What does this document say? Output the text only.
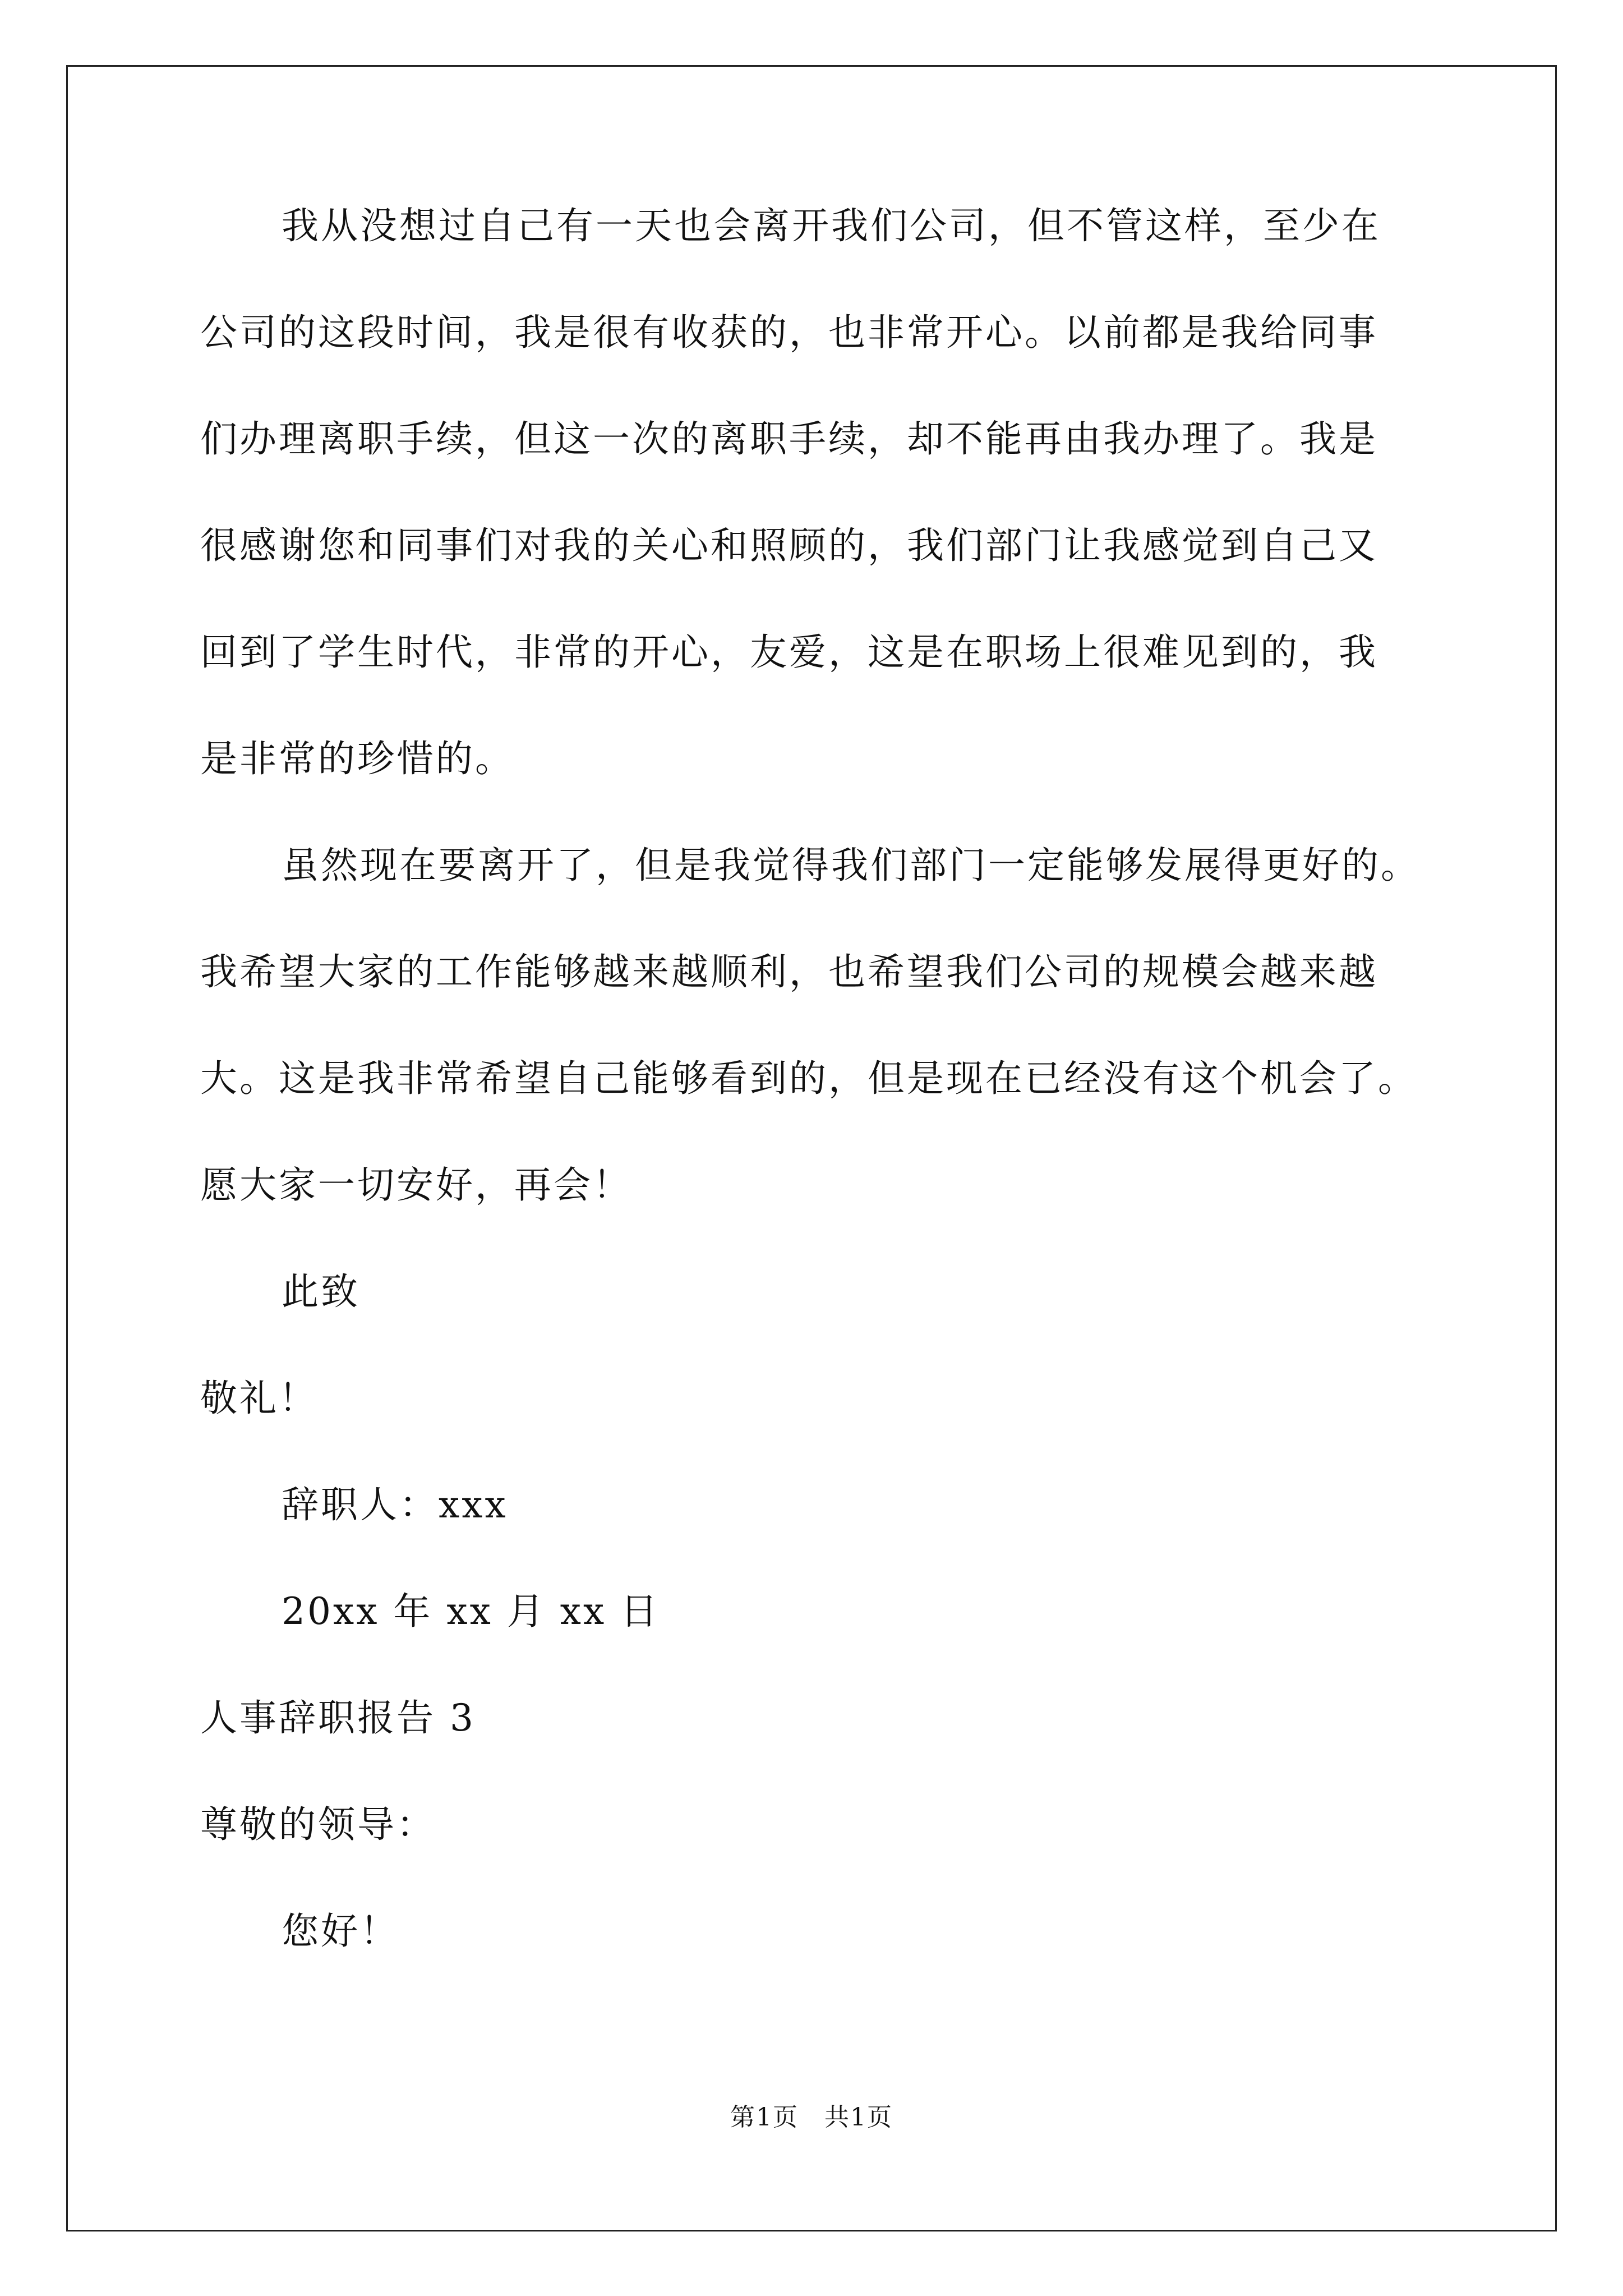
我从没想过自己有一天也会离开我们公司，但不管这样，至少在
公司的这段时间，我是很有收获的，也非常开心。以前都是我给同事
们办理离职手续，但这一次的离职手续，却不能再由我办理了。我是
很感谢您和同事们对我的关心和照顾的，我们部门让我感觉到自己又
回到了学生时代，非常的开心，友爱，这是在职场上很难见到的，我
是非常的珍惜的。
虽然现在要离开了，但是我觉得我们部门一定能够发展得更好的。
我希望大家的工作能够越来越顺利，也希望我们公司的规模会越来越
大。这是我非常希望自己能够看到的，但是现在已经没有这个机会了。
愿大家一切安好，再会！
此致
敬礼！
辞职人：xxx
20xx 年 xx 月 xx 日
人事辞职报告 3
尊敬的领导：
您好！
第1页　共1页
